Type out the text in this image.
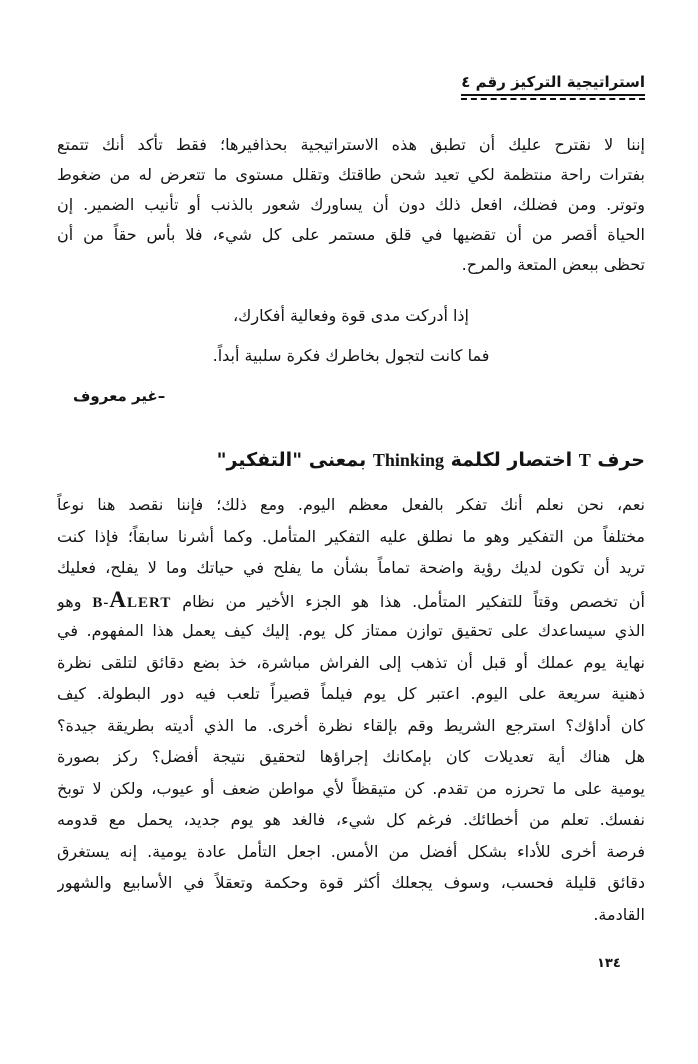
استراتيجية التركيز رقم ٤
إننا لا نقترح عليك أن تطبق هذه الاستراتيجية بحذافيرها؛ فقط تأكد أنك تتمتع
بفترات راحة منتظمة لكي تعيد شحن طاقتك وتقلل مستوى ما تتعرض له من ضغوط
وتوتر. ومن فضلك، افعل ذلك دون أن يساورك شعور بالذنب أو تأنيب الضمير. إن
الحياة أقصر من أن تقضيها في قلق مستمر على كل شيء، فلا بأس حقاً من أن
تحظى ببعض المتعة والمرح.
إذا أدركت مدى قوة وفعالية أفكارك،
فما كانت لتجول بخاطرك فكرة سلبية أبداً.
–غير معروف
حرف T اختصار لكلمة Thinking بمعنى "التفكير"
نعم، نحن نعلم أنك تفكر بالفعل معظم اليوم. ومع ذلك؛ فإننا نقصد هنا نوعاً
مختلفاً من التفكير وهو ما نطلق عليه التفكير المتأمل. وكما أشرنا سابقاً؛ فإذا كنت
تريد أن تكون لديك رؤية واضحة تماماً بشأن ما يفلح في حياتك وما لا يفلح، فعليك
أن تخصص وقتاً للتفكير المتأمل. هذا هو الجزء الأخير من نظام B-ALERT وهو
الذي سيساعدك على تحقيق توازن ممتاز كل يوم. إليك كيف يعمل هذا المفهوم. في
نهاية يوم عملك أو قبل أن تذهب إلى الفراش مباشرة، خذ بضع دقائق لتلقى نظرة
ذهنية سريعة على اليوم. اعتبر كل يوم فيلماً قصيراً تلعب فيه دور البطولة. كيف
كان أداؤك؟ استرجع الشريط وقم بإلقاء نظرة أخرى. ما الذي أديته بطريقة جيدة؟
هل هناك أية تعديلات كان بإمكانك إجراؤها لتحقيق نتيجة أفضل؟ ركز بصورة
يومية على ما تحرزه من تقدم. كن متيقظاً لأي مواطن ضعف أو عيوب، ولكن لا توبخ
نفسك. تعلم من أخطائك. فرغم كل شيء، فالغد هو يوم جديد، يحمل مع قدومه
فرصة أخرى للأداء بشكل أفضل من الأمس. اجعل التأمل عادة يومية. إنه يستغرق
دقائق قليلة فحسب، وسوف يجعلك أكثر قوة وحكمة وتعقلاً في الأسابيع والشهور
القادمة.
١٣٤
